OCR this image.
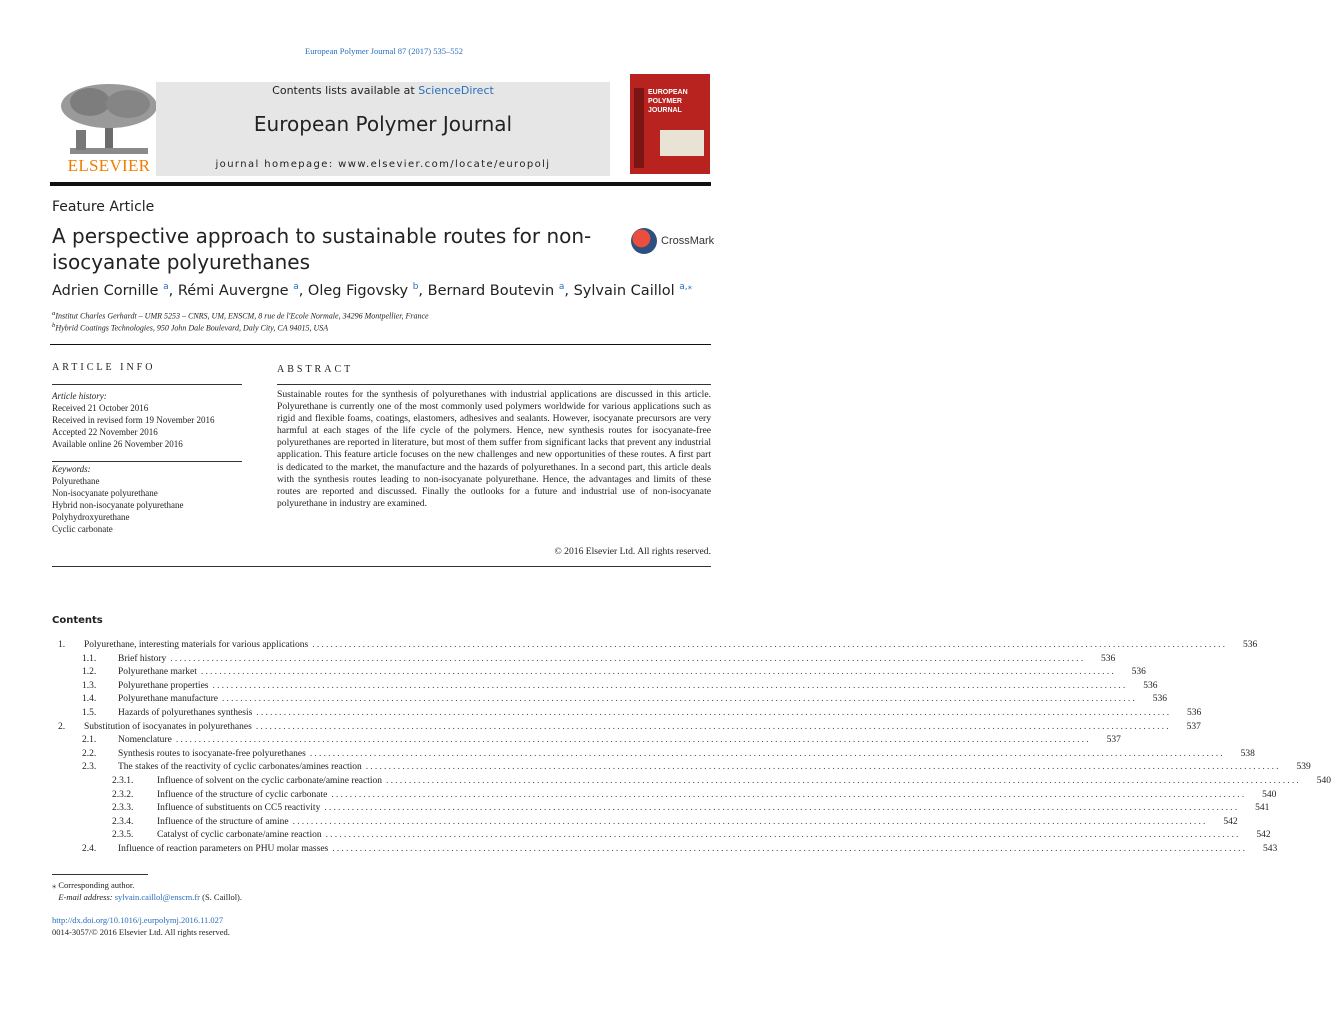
European Polymer Journal 87 (2017) 535–552
ELSEVIER
Contents lists available at ScienceDirect
European Polymer Journal
journal homepage: www.elsevier.com/locate/europolj
EUROPEAN
POLYMER
JOURNAL
Feature Article
A perspective approach to sustainable routes for non-isocyanate polyurethanes
CrossMark
Adrien Cornille $^a$, Rémi Auvergne $^a$, Oleg Figovsky $^b$, Bernard Boutevin $^a$, Sylvain Caillol $^{a,⁎}$
$^a$Institut Charles Gerhardt – UMR 5253 – CNRS, UM, ENSCM, 8 rue de l'Ecole Normale, 34296 Montpellier, France
$^b$Hybrid Coatings Technologies, 950 John Dale Boulevard, Daly City, CA 94015, USA
ARTICLE INFO	ABSTRACT
Article history:
Received 21 October 2016
Received in revised form 19 November 2016
Accepted 22 November 2016
Available online 26 November 2016
Keywords:
Polyurethane
Non-isocyanate polyurethane
Hybrid non-isocyanate polyurethane
Polyhydroxyurethane
Cyclic carbonate
Sustainable routes for the synthesis of polyurethanes with industrial applications are discussed in this article. Polyurethane is currently one of the most commonly used polymers worldwide for various applications such as rigid and flexible foams, coatings, elastomers, adhesives and sealants. However, isocyanate precursors are very harmful at each stages of the life cycle of the polymers. Hence, new synthesis routes for isocyanate-free polyurethanes are reported in literature, but most of them suffer from significant lacks that prevent any industrial application. This feature article focuses on the new challenges and new opportunities of these routes. A first part is dedicated to the market, the manufacture and the hazards of polyurethanes. In a second part, this article deals with the synthesis routes leading to non-isocyanate polyurethane. Hence, the advantages and limits of these routes are reported and discussed. Finally the outlooks for a future and industrial use of non-isocyanate polyurethane in industry are examined.
© 2016 Elsevier Ltd. All rights reserved.
Contents
1.	Polyurethane, interesting materials for various applications ........................................................................................................................................................................................................	536
1.1.	Brief history ........................................................................................................................................................................................................	536
1.2.	Polyurethane market ........................................................................................................................................................................................................	536
1.3.	Polyurethane properties ........................................................................................................................................................................................................	536
1.4.	Polyurethane manufacture ........................................................................................................................................................................................................	536
1.5.	Hazards of polyurethanes synthesis ........................................................................................................................................................................................................	536
2.	Substitution of isocyanates in polyurethanes ........................................................................................................................................................................................................	537
2.1.	Nomenclature ........................................................................................................................................................................................................	537
2.2.	Synthesis routes to isocyanate-free polyurethanes ........................................................................................................................................................................................................	538
2.3.	The stakes of the reactivity of cyclic carbonates/amines reaction ........................................................................................................................................................................................................	539
2.3.1.	Influence of solvent on the cyclic carbonate/amine reaction ........................................................................................................................................................................................................	540
2.3.2.	Influence of the structure of cyclic carbonate ........................................................................................................................................................................................................	540
2.3.3.	Influence of substituents on CC5 reactivity ........................................................................................................................................................................................................	541
2.3.4.	Influence of the structure of amine ........................................................................................................................................................................................................	542
2.3.5.	Catalyst of cyclic carbonate/amine reaction ........................................................................................................................................................................................................	542
2.4.	Influence of reaction parameters on PHU molar masses ........................................................................................................................................................................................................	543
⁎ Corresponding author.
E-mail address: sylvain.caillol@enscm.fr (S. Caillol).
http://dx.doi.org/10.1016/j.eurpolymj.2016.11.027
0014-3057/© 2016 Elsevier Ltd. All rights reserved.
